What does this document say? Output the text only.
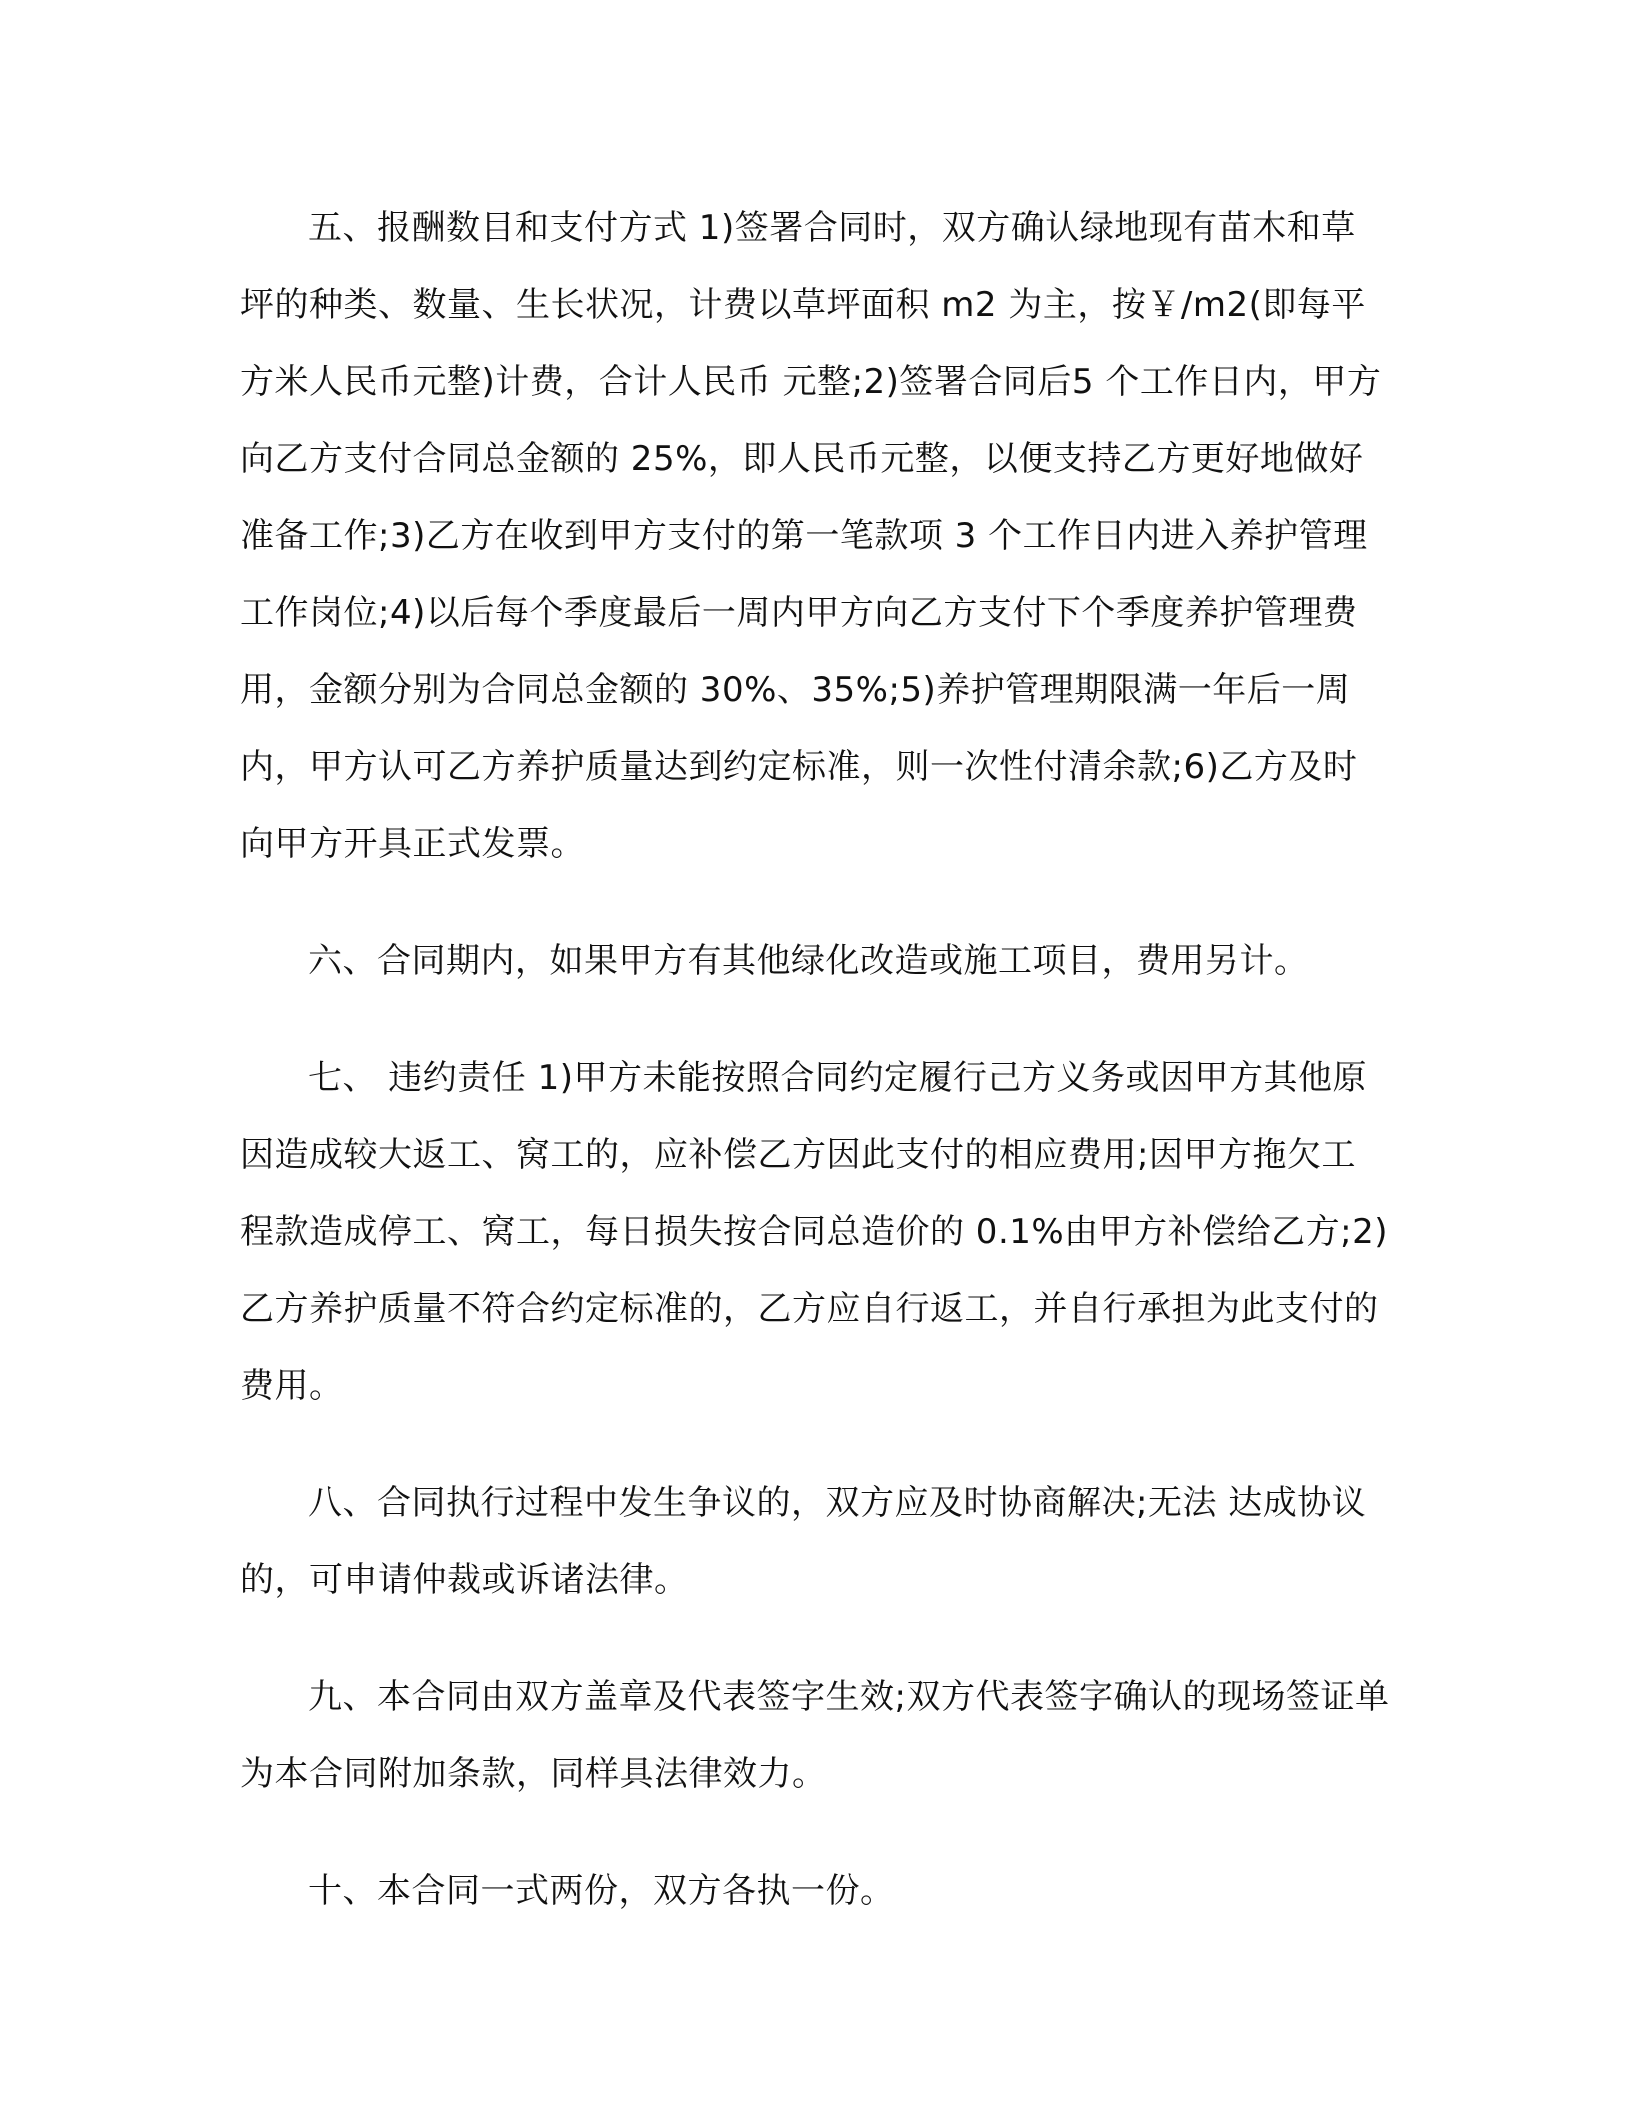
五、报酬数目和支付方式 1)签署合同时，双方确认绿地现有苗木和草坪的种类、数量、生长状况，计费以草坪面积 m2 为主，按￥/m2(即每平方米人民币元整)计费，合计人民币 元整;2)签署合同后5 个工作日内，甲方向乙方支付合同总金额的 25%，即人民币元整，以便支持乙方更好地做好准备工作;3)乙方在收到甲方支付的第一笔款项 3 个工作日内进入养护管理工作岗位;4)以后每个季度最后一周内甲方向乙方支付下个季度养护管理费用，金额分别为合同总金额的 30%、35%;5)养护管理期限满一年后一周内，甲方认可乙方养护质量达到约定标准，则一次性付清余款;6)乙方及时向甲方开具正式发票。

六、合同期内，如果甲方有其他绿化改造或施工项目，费用另计。

七、 违约责任 1)甲方未能按照合同约定履行己方义务或因甲方其他原因造成较大返工、窝工的，应补偿乙方因此支付的相应费用;因甲方拖欠工程款造成停工、窝工，每日损失按合同总造价的 0.1%由甲方补偿给乙方;2)乙方养护质量不符合约定标准的，乙方应自行返工，并自行承担为此支付的费用。

八、合同执行过程中发生争议的，双方应及时协商解决;无法 达成协议的，可申请仲裁或诉诸法律。

九、本合同由双方盖章及代表签字生效;双方代表签字确认的现场签证单为本合同附加条款，同样具法律效力。

十、本合同一式两份，双方各执一份。
